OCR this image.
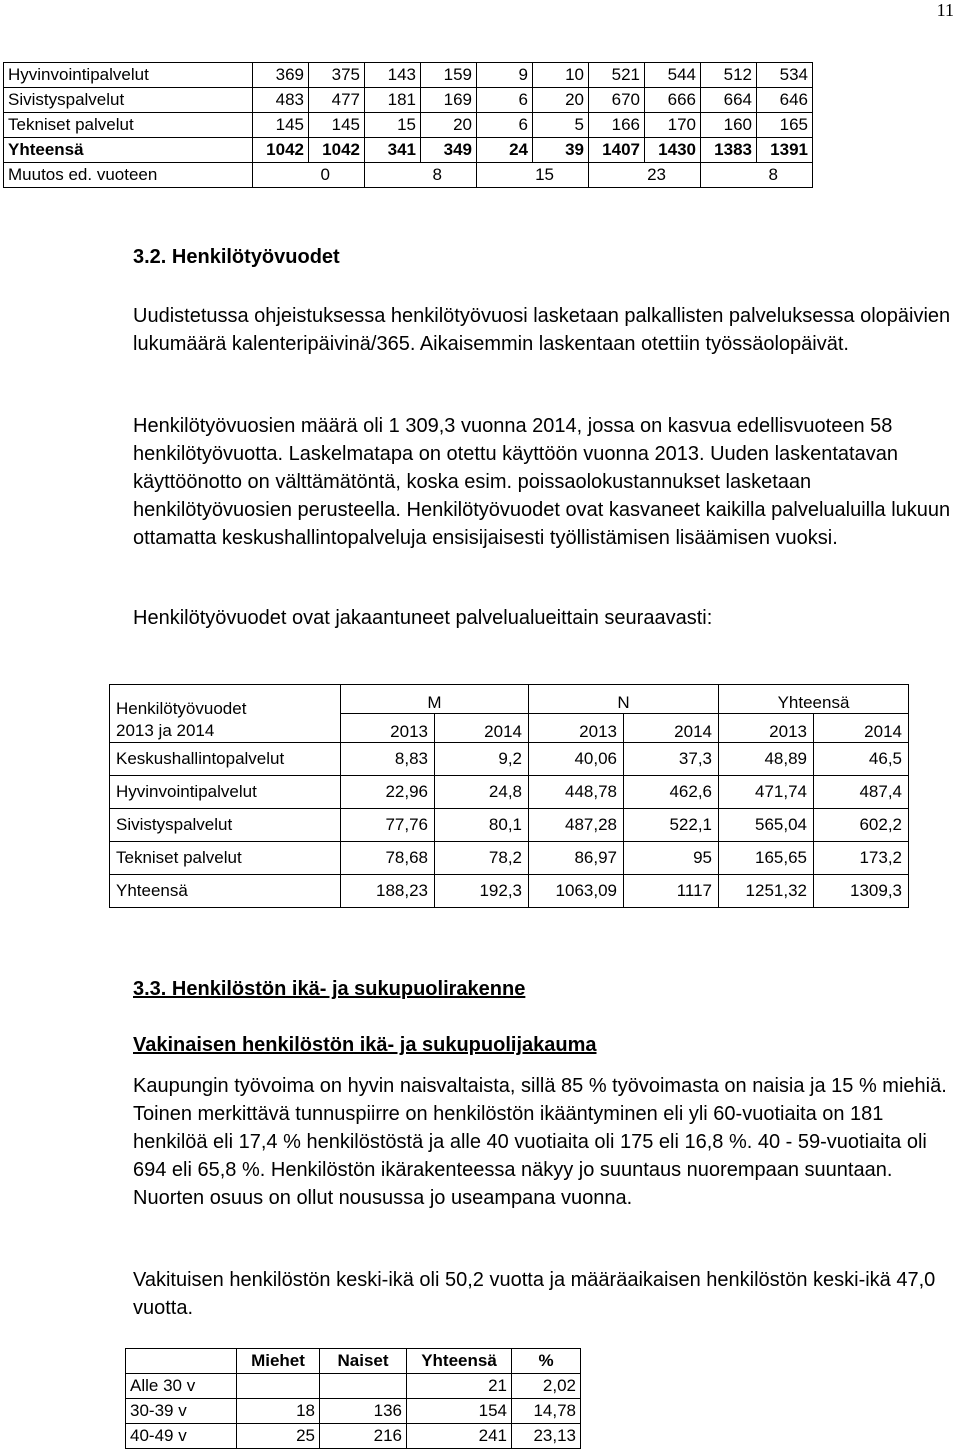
11
Hyvinvointipalvelut	369	375	143	159	9	10	521	544	512	534
Sivistyspalvelut	483	477	181	169	6	20	670	666	664	646
Tekniset palvelut	145	145	15	20	6	5	166	170	160	165
Yhteensä	1042	1042	341	349	24	39	1407	1430	1383	1391
Muutos ed. vuoteen	0		8		15		23		8	
3.2. Henkilötyövuodet

Uudistetussa ohjeistuksessa henkilötyövuosi lasketaan palkallisten palveluksessa olopäivien lukumäärä kalenteripäivinä/365. Aikaisemmin laskentaan otettiin työssäolopäivät.

Henkilötyövuosien määrä oli 1 309,3 vuonna 2014, jossa on kasvua edellisvuoteen 58 henkilötyövuotta. Laskelmatapa on otettu käyttöön vuonna 2013. Uuden laskentatavan käyttöönotto on välttämätöntä, koska esim. poissaolokustannukset lasketaan henkilötyövuosien perusteella. Henkilötyövuodet ovat kasvaneet kaikilla palvelualuilla lukuun ottamatta keskushallintopalveluja ensisijaisesti työllistämisen lisäämisen vuoksi.

Henkilötyövuodet ovat jakaantuneet palvelualueittain seuraavasti:

Henkilötyövuodet
2013 ja 2014	M		N		Yhteensä	
	2013	2014	2013	2014	2013	2014
Keskushallintopalvelut	8,83	9,2	40,06	37,3	48,89	46,5
Hyvinvointipalvelut	22,96	24,8	448,78	462,6	471,74	487,4
Sivistyspalvelut	77,76	80,1	487,28	522,1	565,04	602,2
Tekniset palvelut	78,68	78,2	86,97	95	165,65	173,2
Yhteensä	188,23	192,3	1063,09	1117	1251,32	1309,3
3.3. Henkilöstön ikä- ja sukupuolirakenne
Vakinaisen henkilöstön ikä- ja sukupuolijakauma

Kaupungin työvoima on hyvin naisvaltaista, sillä 85 % työvoimasta on naisia ja 15 % miehiä. Toinen merkittävä tunnuspiirre on henkilöstön ikääntyminen eli yli 60-vuotiaita on 181 henkilöä eli 17,4 % henkilöstöstä ja alle 40 vuotiaita oli 175 eli 16,8 %. 40 - 59-vuotiaita oli 694 eli 65,8 %. Henkilöstön ikärakenteessa näkyy jo suuntaus nuorempaan suuntaan. Nuorten osuus on ollut nousussa jo useampana vuonna.

Vakituisen henkilöstön keski-ikä oli 50,2 vuotta ja määräaikaisen henkilöstön keski-ikä 47,0 vuotta.

	Miehet	Naiset	Yhteensä	%
Alle 30 v			21	2,02
30-39 v	18	136	154	14,78
40-49 v	25	216	241	23,13
